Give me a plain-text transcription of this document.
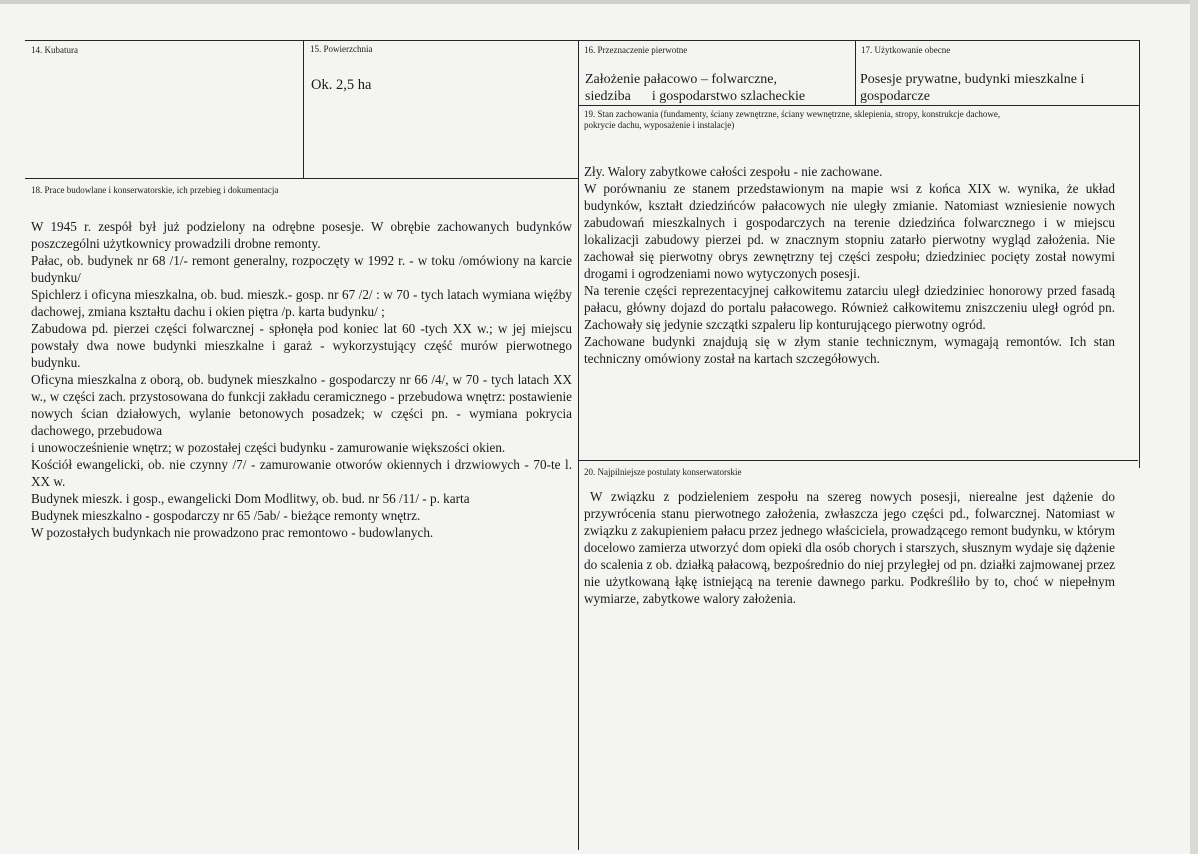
14. Kubatura	15. Powierzchnia
Ok. 2,5 ha
16. Przeznaczenie pierwotne
Założenie pałacowo – folwarczne,
siedziba      i gospodarstwo szlacheckie
17. Użytkowanie obecne
Posesje prywatne, budynki mieszkalne i
gospodarcze
19. Stan zachowania (fundamenty, ściany zewnętrzne, ściany wewnętrzne, sklepienia, stropy, konstrukcje dachowe, pokrycie dachu, wyposażenie i instalacje)

Zły. Walory zabytkowe całości zespołu - nie zachowane.

W porównaniu ze stanem przedstawionym na mapie wsi z końca XIX w. wynika, że układ budynków, kształt dziedzińców pałacowych nie uległy zmianie. Natomiast wzniesienie nowych zabudowań mieszkalnych i gospodarczych na terenie dziedzińca folwarcznego i w miejscu lokalizacji zabudowy pierzei pd. w znacznym stopniu zatarło pierwotny wygląd założenia. Nie zachował się pierwotny obrys zewnętrzny tej części zespołu; dziedziniec pocięty został nowymi drogami i ogrodzeniami nowo wytyczonych posesji.

Na terenie części reprezentacyjnej całkowitemu zatarciu uległ dziedziniec honorowy przed fasadą pałacu, główny dojazd do portalu pałacowego. Również całkowitemu zniszczeniu uległ ogród pn. Zachowały się jedynie szczątki szpaleru lip konturującego pierwotny ogród.

Zachowane budynki znajdują się w złym stanie technicznym, wymagają remontów. Ich stan techniczny omówiony został na kartach szczegółowych.

18. Prace budowlane i konserwatorskie, ich przebieg i dokumentacja

W 1945 r. zespół był już podzielony na odrębne posesje. W obrębie zachowanych budynków poszczególni użytkownicy prowadzili drobne remonty.

Pałac, ob. budynek nr 68 /1/- remont generalny, rozpoczęty w 1992 r. - w toku /omówiony na karcie budynku/

Spichlerz i oficyna mieszkalna, ob. bud. mieszk.- gosp. nr 67 /2/ : w 70 - tych latach wymiana więźby dachowej, zmiana kształtu dachu i okien piętra /p. karta budynku/ ;

Zabudowa pd. pierzei części folwarcznej - spłonęła pod koniec lat 60 -tych XX w.; w jej miejscu powstały dwa nowe budynki mieszkalne i garaż - wykorzystujący część murów pierwotnego budynku.

Oficyna mieszkalna z oborą, ob. budynek mieszkalno - gospodarczy nr 66 /4/, w 70 - tych latach XX w., w części zach. przystosowana do funkcji zakładu ceramicznego - przebudowa wnętrz: postawienie nowych ścian działowych, wylanie betonowych posadzek; w części pn. - wymiana pokrycia dachowego, przebudowa

i unowocześnienie wnętrz; w pozostałej części budynku - zamurowanie większości okien.

Kościół ewangelicki, ob. nie czynny /7/ - zamurowanie otworów okiennych i drzwiowych - 70-te l. XX w.

Budynek mieszk. i gosp., ewangelicki Dom Modlitwy, ob. bud. nr 56 /11/ - p. karta

Budynek mieszkalno - gospodarczy nr 65 /5ab/ - bieżące remonty wnętrz.

W pozostałych budynkach nie prowadzono prac remontowo - budowlanych.

20. Najpilniejsze postulaty konserwatorskie

W związku z podzieleniem zespołu na szereg nowych posesji, nierealne jest dążenie do przywrócenia stanu pierwotnego założenia, zwłaszcza jego części pd., folwarcznej. Natomiast w związku z zakupieniem pałacu przez jednego właściciela, prowadzącego remont budynku, w którym docelowo zamierza utworzyć dom opieki dla osób chorych i starszych, słusznym wydaje się dążenie do scalenia z ob. działką pałacową, bezpośrednio do niej przyległej od pn. działki zajmowanej przez nie użytkowaną łąkę istniejącą na terenie dawnego parku. Podkreśliło by to, choć w niepełnym wymiarze, zabytkowe walory założenia.
